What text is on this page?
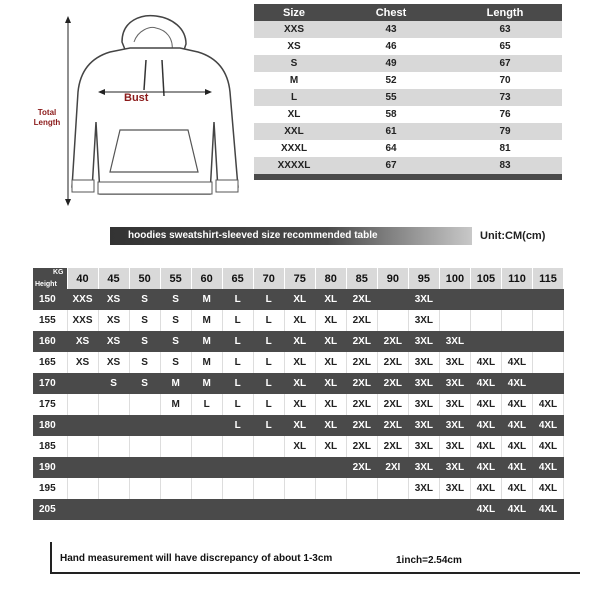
Bust
Total Length
Size	Chest	Length
XXS	43	63
XS	46	65
S	49	67
M	52	70
L	55	73
XL	58	76
XXL	61	79
XXXL	64	81
XXXXL	67	83

hoodies sweatshirt-sleeved size recommended table	Unit:CM(cm)
KG
Height	40	45	50	55	60	65	70	75	80	85	90	95	100	105	110	115
150	XXS	XS	S	S	M	L	L	XL	XL	2XL		3XL				
155	XXS	XS	S	S	M	L	L	XL	XL	2XL		3XL				
160	XS	XS	S	S	M	L	L	XL	XL	2XL	2XL	3XL	3XL			
165	XS	XS	S	S	M	L	L	XL	XL	2XL	2XL	3XL	3XL	4XL	4XL	
170		S	S	M	M	L	L	XL	XL	2XL	2XL	3XL	3XL	4XL	4XL	
175				M	L	L	L	XL	XL	2XL	2XL	3XL	3XL	4XL	4XL	4XL
180						L	L	XL	XL	2XL	2XL	3XL	3XL	4XL	4XL	4XL
185								XL	XL	2XL	2XL	3XL	3XL	4XL	4XL	4XL
190										2XL	2XI	3XL	3XL	4XL	4XL	4XL
195												3XL	3XL	4XL	4XL	4XL
205														4XL	4XL	4XL
Hand measurement will have discrepancy of about 1-3cm	1inch=2.54cm
